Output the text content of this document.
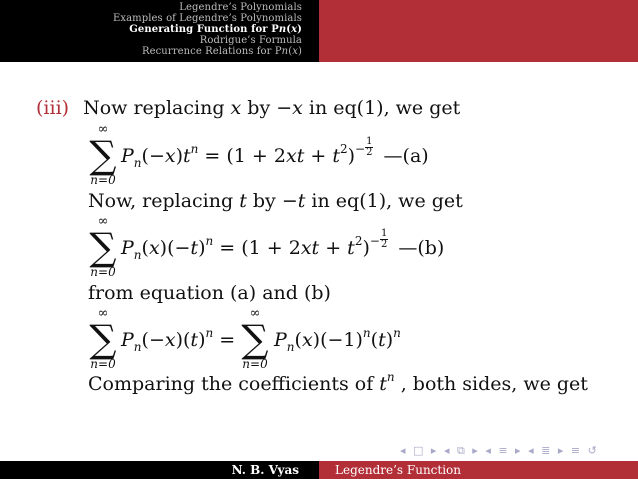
Legendre’s Polynomials
Examples of Legendre’s Polynomials
Generating Function for Pn(x)
Rodrigue’s Formula
Recurrence Relations for Pn(x)
(iii) Now replacing x by −x in eq(1), we get
∞
∑
n=0
$P_n(-x)t^n = (1 + 2xt + t^2)^- \frac{1}{2}$ —(a)
Now, replacing t by −t in eq(1), we get
∞
∑
n=0
$P_n(x)(-t)^n = (1 + 2xt + t^2)^- \frac{1}{2}$ —(b)
from equation (a) and (b)
∞
∑
n=0
$P_n(-x)(t)^n$ =
∞
∑
n=0
$P_n(x)(-1)^n(t)^n$
Comparing the coefficients of $t^n$ , both sides, we get
◂ □ ▸ ◂ ⧉ ▸ ◂ ≡ ▸ ◂ ≣ ▸ ≡ ↺
N. B. Vyas	Legendre’s Function
